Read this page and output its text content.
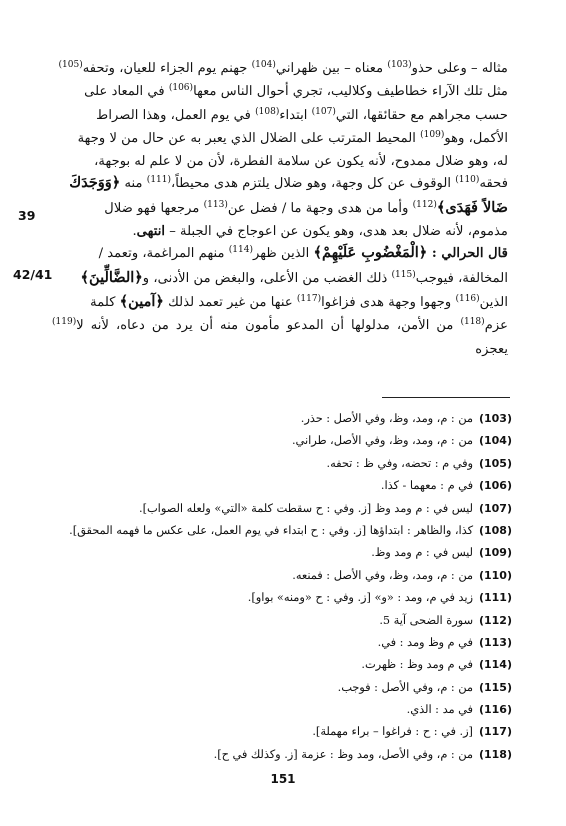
مثاله – وعلى حذو$^{(103)}$ معناه – بين ظهراني$^{(104)}$ جهنم يوم الجزاء للعيان، وتحفه$^{(105)}$

مثل تلك الآراء خطاطيف وكلاليب، تجري أحوال الناس معها$^{(106)}$ في المعاد على

حسب مجراهم مع حقائقها، التي$^{(107)}$ ابتداء$^{(108)}$ في يوم العمل، وهذا الصراط

الأكمل، وهو$^{(109)}$ المحيط المترتب على الضلال الذي يعبر به عن حال من لا وجهة

له، وهو ضلال ممدوح، لأنه يكون عن سلامة الفطرة، لأن من لا علم له بوجهة،

فحقه$^{(110)}$ الوقوف عن كل وجهة، وهو ضلال يلتزم هدى محيطاً،$^{(111)}$ منه ﴿وَوَجَدَكَ

ضَالاً فَهَدَى﴾$^{(112)}$ وأما من هدى وجهة ما / فضل عن$^{(113)}$ مرجعها فهو ضلال

مذموم، لأنه ضلال بعد هدى، وهو يكون عن اعوجاج في الجبلة – انتهى.

قال الحرالي : ﴿الْمَغْضُوبِ عَلَيْهِمْ﴾ الذين ظهر$^{(114)}$ منهم المراغمة، وتعمد /

المخالفة، فيوجب$^{(115)}$ ذلك الغضب من الأعلى، والبغض من الأدنى، و﴿الضَّالِّينَ﴾

الذين$^{(116)}$ وجهوا وجهة هدى فزاغوا$^{(117)}$ عنها من غير تعمد لذلك ﴿آمين﴾ كلمة

عزم$^{(118)}$ من الأمن، مدلولها أن المدعو مأمون منه أن يرد من دعاه، لأنه لا$^{(119)}$ يعجزه

39
42/41
(103)من : م، ومد، وظ، وفي الأصل : حذر.
(104)من : م، ومد، وظ، وفي الأصل، طراني.
(105)وفي م : تحضه، وفي ظ : تحفه.
(106)في م : معهما - كذا.
(107)ليس في : م ومد وظ [ز. وفي : ح سقطت كلمة «التي» ولعله الصواب].
(108)كذا، والظاهر : ابتداؤها [ز. وفي : ح ابتداء في يوم العمل، على عكس ما فهمه المحقق].
(109)ليس في : م ومد وظ.
(110)من : م، ومد، وظ، وفي الأصل : فمنعه.
(111)زيد في م، ومد : «و» [ز. وفي : ح «ومنه» بواو].
(112)سورة الضحى آية 5.
(113)في م وظ ومد : في.
(114)في م ومد وظ : ظهرت.
(115)من : م، وفي الأصل : فوجب.
(116)في مد : الذي.
(117)[ز. في : ح : فراغوا – براء مهملة].
(118)من : م، وفي الأصل، ومد وظ : عزمة [ز. وكذلك في ح].
151
